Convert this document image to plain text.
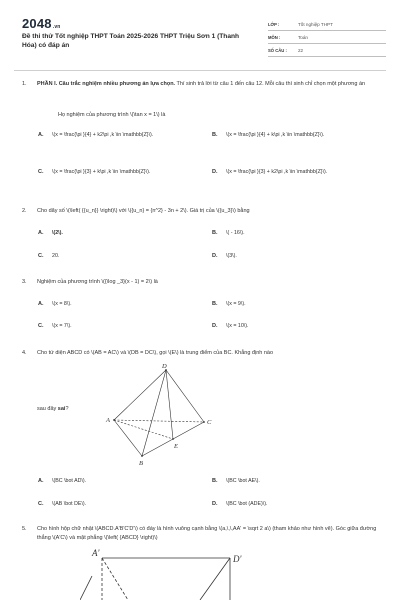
2048.vn
Đề thi thử Tốt nghiệp THPT Toán 2025-2026 THPT Triệu Sơn 1 (Thanh Hóa) có đáp án
LỚP :	Tốt nghiệp THPT
MÔN :	Toán
SỐ CÂU :	22
1. PHẦN I. Câu trắc nghiệm nhiều phương án lựa chọn. Thí sinh trả lời từ câu 1 đến câu 12. Mỗi câu thí sinh chỉ chọn một phương án
Họ nghiệm của phương trình \(\tan x = 1\) là
A. \(x = \frac{\pi }{4} + k2\pi ,k \in \mathbb{Z}\).	B. \(x = \frac{\pi }{4} + k\pi ,k \in \mathbb{Z}\).
C. \(x = \frac{\pi }{3} + k\pi ,k \in \mathbb{Z}\).	D. \(x = \frac{\pi }{3} + k2\pi ,k \in \mathbb{Z}\).
2. Cho dãy số \(\left( {{u_n}} \right)\) với \({u_n} = {n^2} - 3n + 2\). Giá trị của \({u_3}\) bằng
A. \(2\).	B. \( - 16\).
C. 20.	D. \(3\).
3. Nghiệm của phương trình \({\log _3}(x - 1) = 2\) là
A. \(x = 8\).	B. \(x = 9\).
C. \(x = 7\).	D. \(x = 10\).
4. Cho tứ diện ABCD có \(AB = AC\) và \(DB = DC\), gọi \(E\) là trung điểm của BC. Khẳng định nào
sau đây sai?
D
A
B
C
E
A. \(BC \bot AD\).	B. \(BC \bot AE\).
C. \(AB \bot DE\).	D. \(BC \bot (ADE)\).
5. Cho hình hộp chữ nhật \(ABCD.A'B'C'D'\) có đáy là hình vuông cạnh bằng \(a,\,\,AA' = \sqrt 2 a\) (tham khảo như hình vẽ). Góc giữa đường thẳng \(A'C\) và mặt phẳng \(\left( {ABCD} \right)\)
A'
D'
